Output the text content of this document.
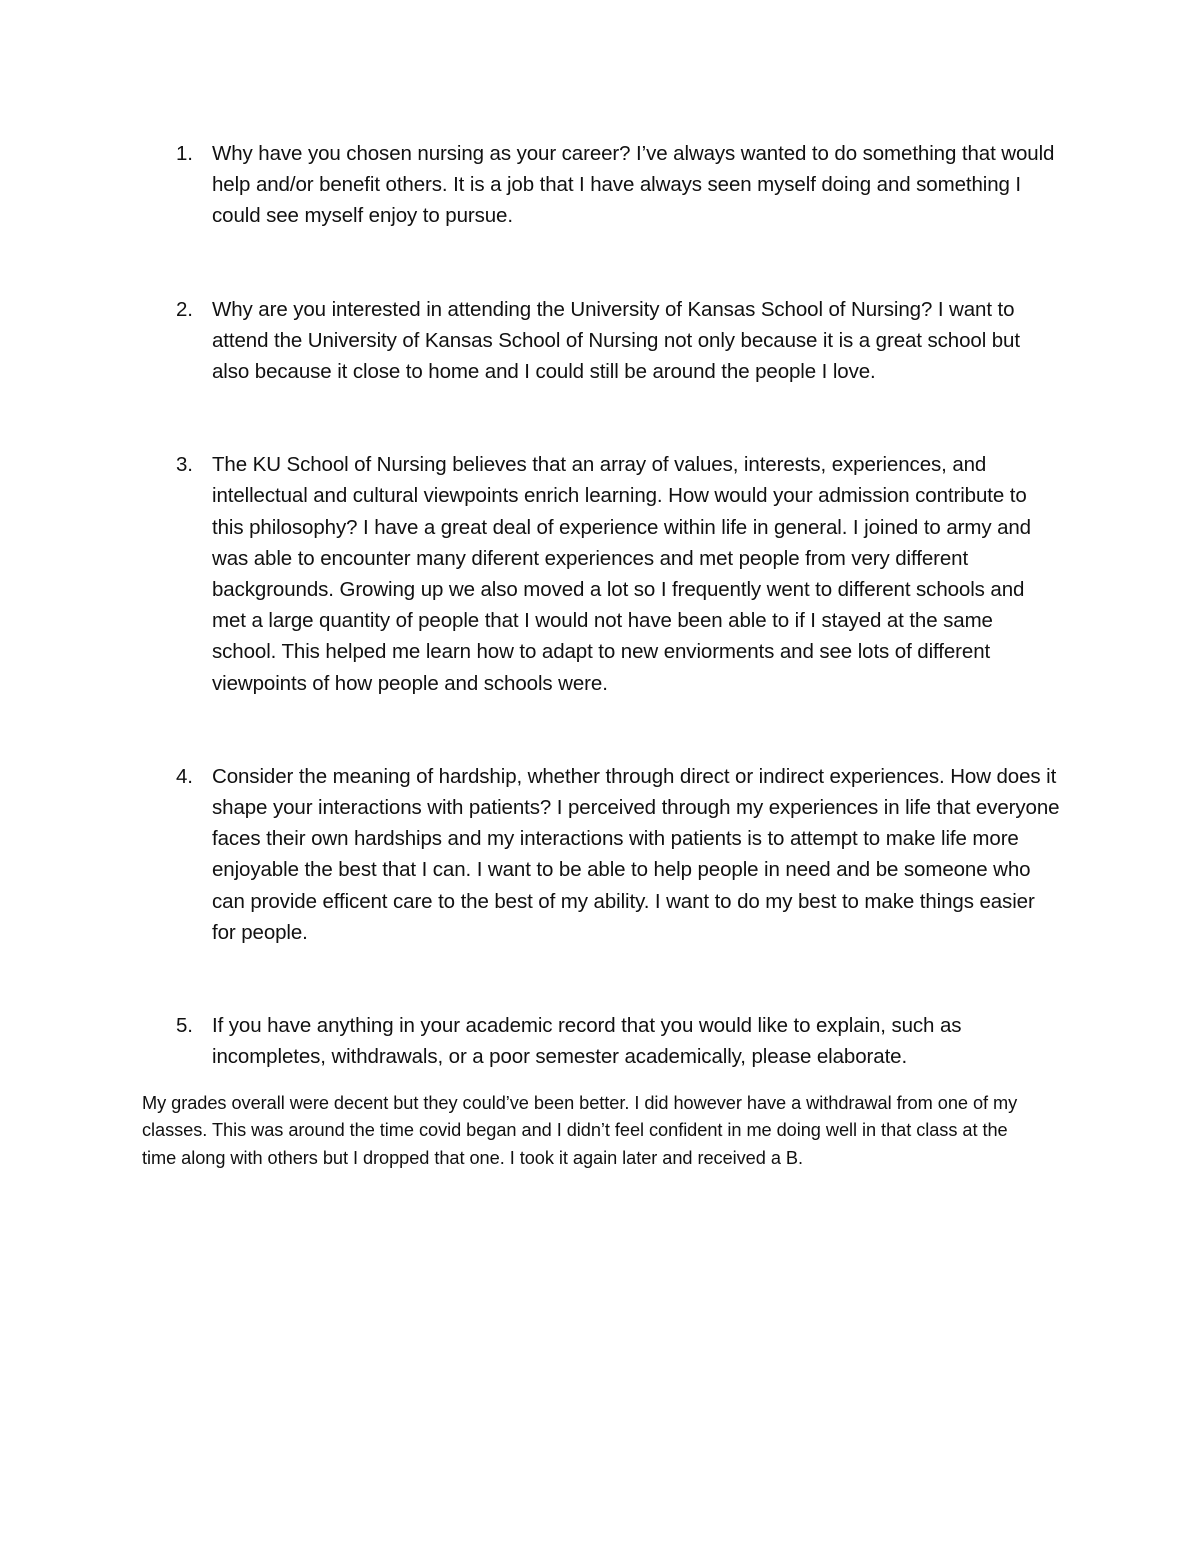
1. Why have you chosen nursing as your career? I’ve always wanted to do something that would help and/or benefit others. It is a job that I have always seen myself doing and something I could see myself enjoy to pursue.
2. Why are you interested in attending the University of Kansas School of Nursing? I want to attend the University of Kansas School of Nursing not only because it is a great school but also because it close to home and I could still be around the people I love.
3. The KU School of Nursing believes that an array of values, interests, experiences, and intellectual and cultural viewpoints enrich learning. How would your admission contribute to this philosophy? I have a great deal of experience within life in general. I joined to army and was able to encounter many diferent experiences and met people from very different backgrounds. Growing up we also moved a lot so I frequently went to different schools and met a large quantity of people that I would not have been able to if I stayed at the same school. This helped me learn how to adapt to new enviorments and see lots of different viewpoints of how people and schools were.
4. Consider the meaning of hardship, whether through direct or indirect experiences. How does it shape your interactions with patients? I perceived through my experiences in life that everyone faces their own hardships and my interactions with patients is to attempt to make life more enjoyable the best that I can. I want to be able to help people in need and be someone who can provide efficent care to the best of my ability. I want to do my best to make things easier for people.
5. If you have anything in your academic record that you would like to explain, such as incompletes, withdrawals, or a poor semester academically, please elaborate.

My grades overall were decent but they could’ve been better. I did however have a withdrawal from one of my classes. This was around the time covid began and I didn’t feel confident in me doing well in that class at the time along with others but I dropped that one. I took it again later and received a B.
